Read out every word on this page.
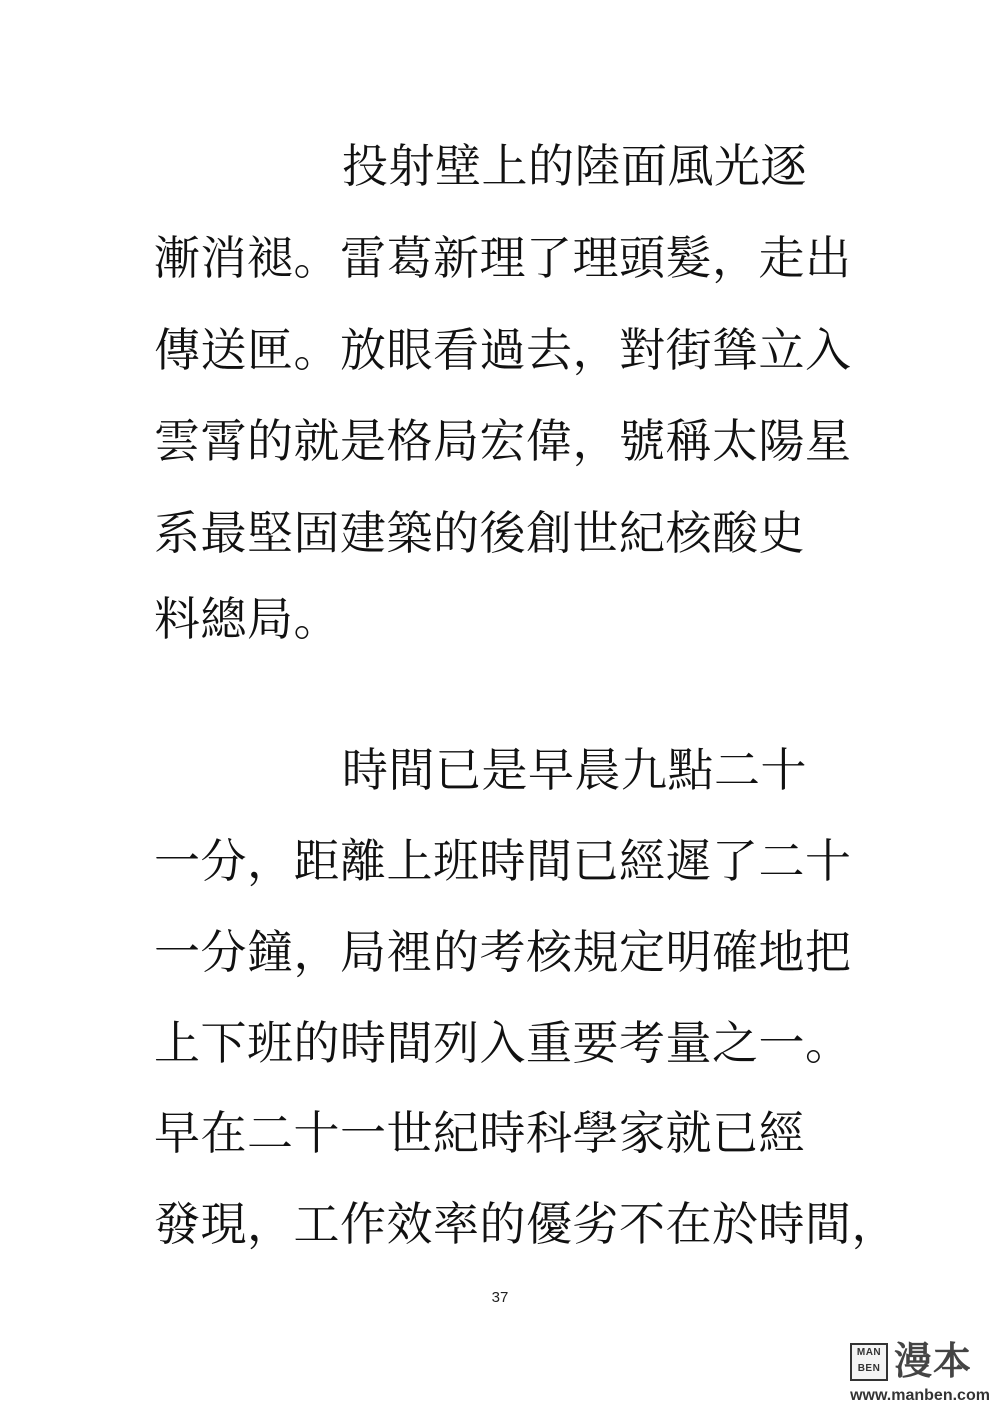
投射壁上的陸面風光逐
漸消褪。雷葛新理了理頭髮，走出
傳送匣。放眼看過去，對街聳立入
雲霄的就是格局宏偉，號稱太陽星
系最堅固建築的後創世紀核酸史
料總局。
時間已是早晨九點二十
一分，距離上班時間已經遲了二十
一分鐘，局裡的考核規定明確地把
上下班的時間列入重要考量之一。
早在二十一世紀時科學家就已經
發現，工作效率的優劣不在於時間，
37
MAN
BEN 漫本
www.manben.com
